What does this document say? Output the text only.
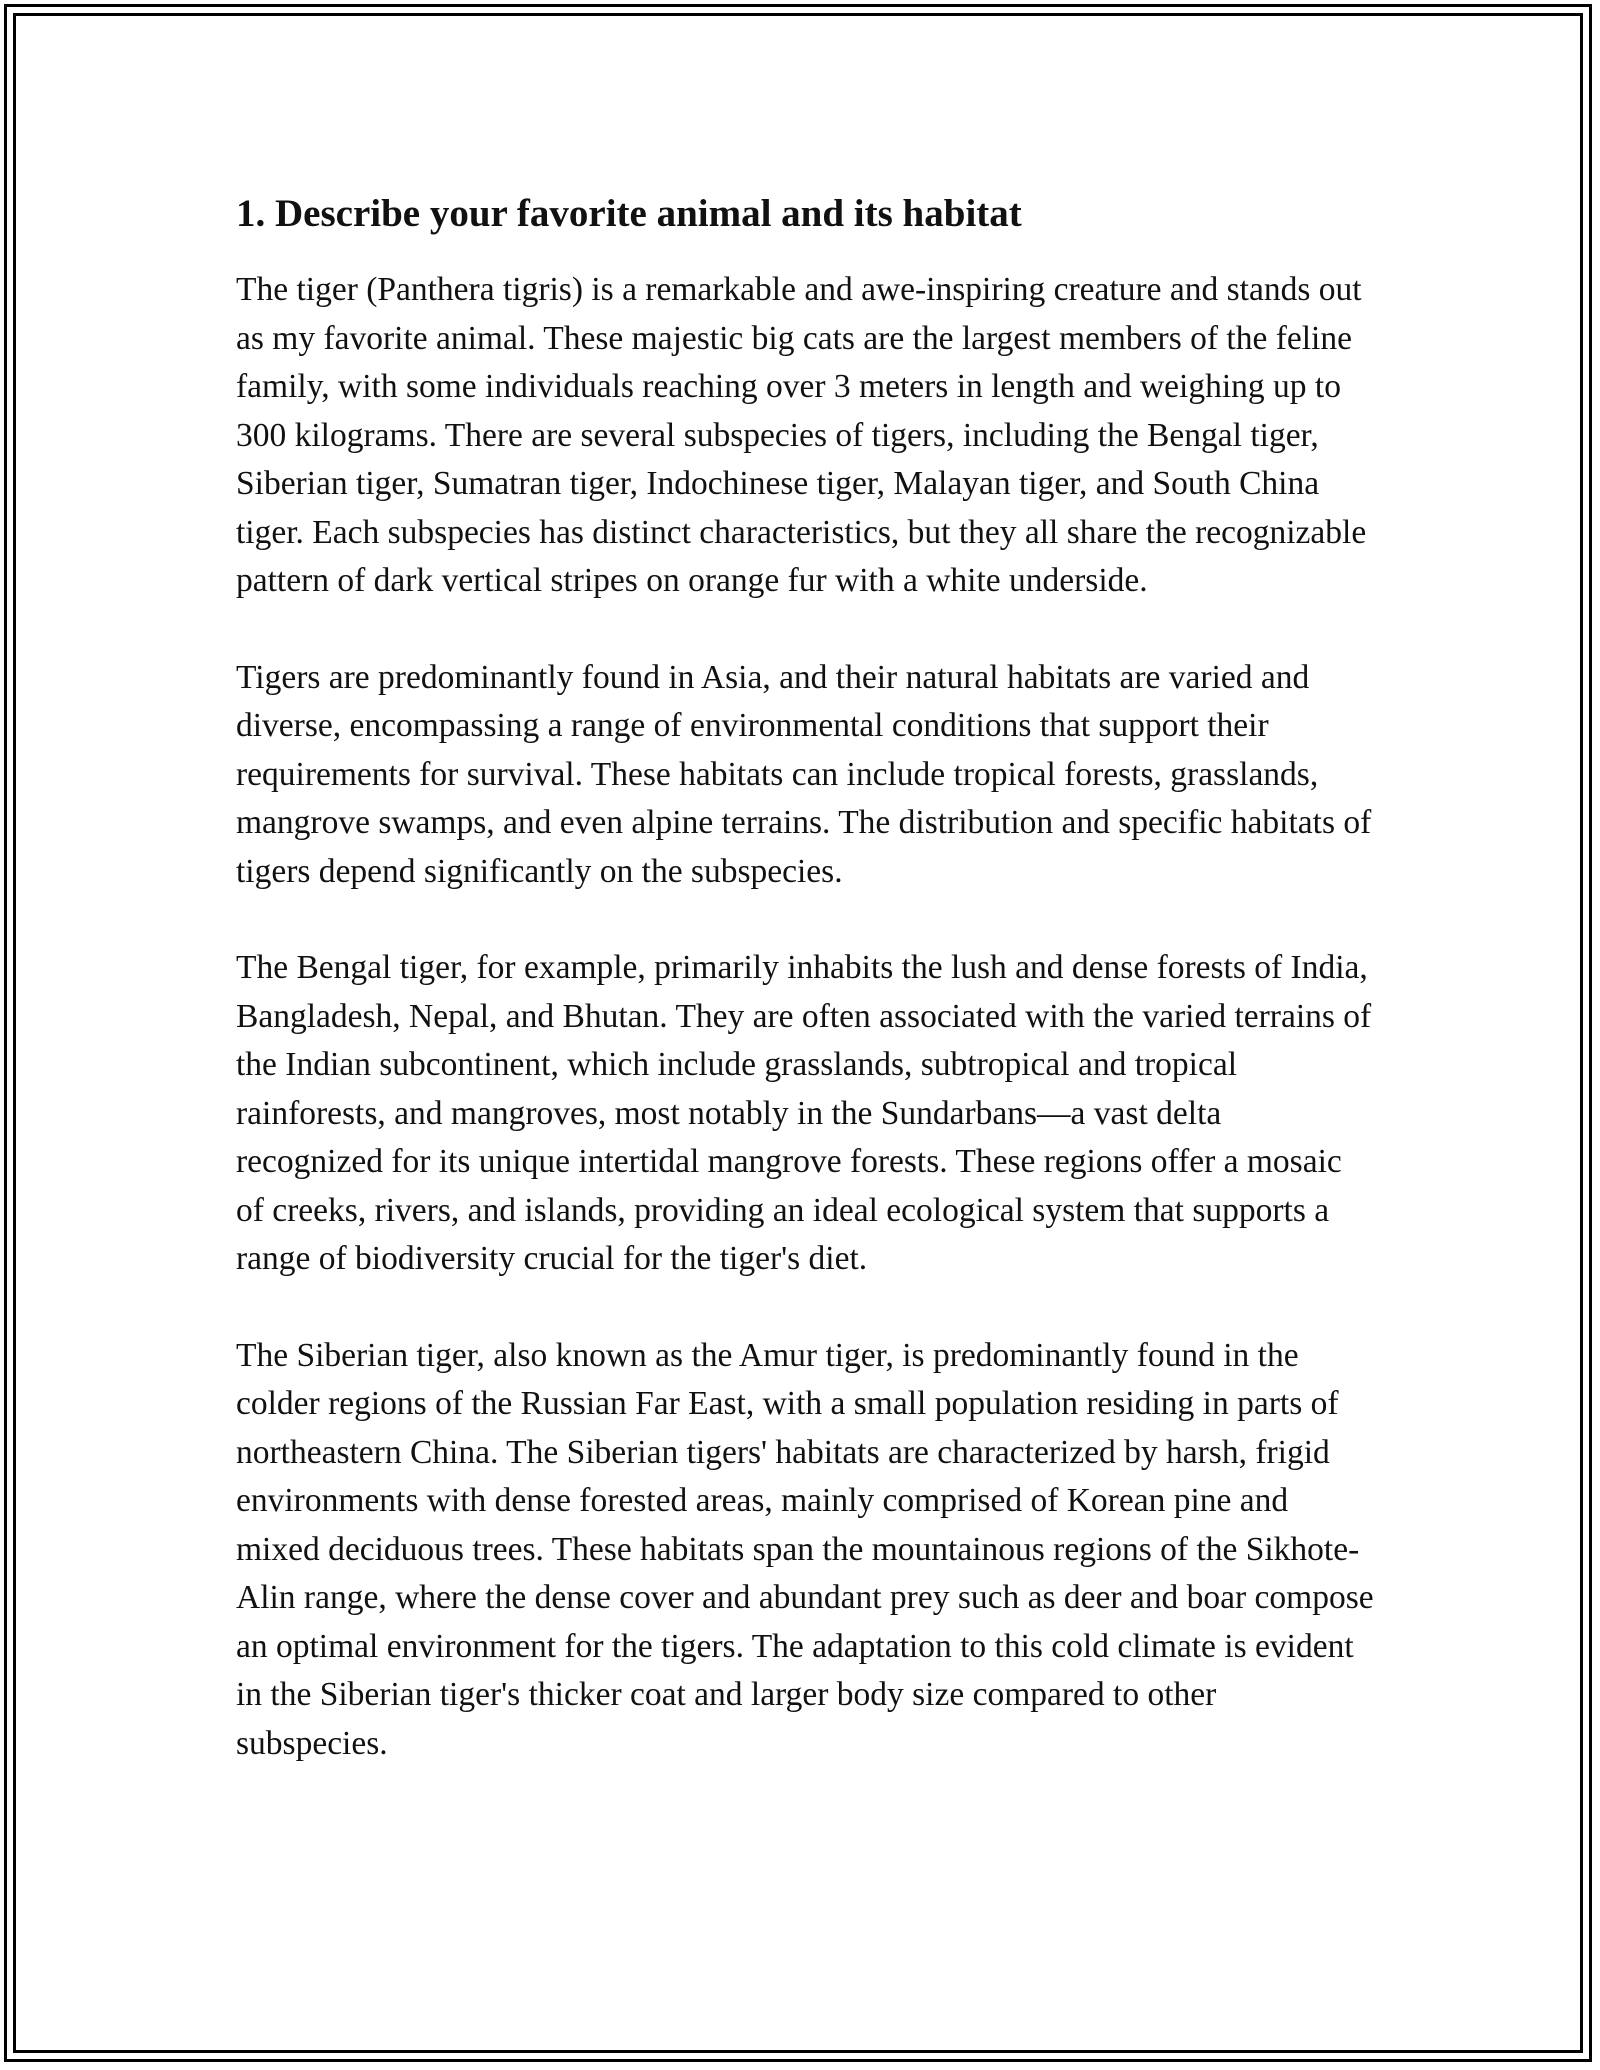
1. Describe your favorite animal and its habitat

The tiger (Panthera tigris) is a remarkable and awe-inspiring creature and stands out as my favorite animal. These majestic big cats are the largest members of the feline family, with some individuals reaching over 3 meters in length and weighing up to 300 kilograms. There are several subspecies of tigers, including the Bengal tiger, Siberian tiger, Sumatran tiger, Indochinese tiger, Malayan tiger, and South China tiger. Each subspecies has distinct characteristics, but they all share the recognizable pattern of dark vertical stripes on orange fur with a white underside.

Tigers are predominantly found in Asia, and their natural habitats are varied and diverse, encompassing a range of environmental conditions that support their requirements for survival. These habitats can include tropical forests, grasslands, mangrove swamps, and even alpine terrains. The distribution and specific habitats of tigers depend significantly on the subspecies.

The Bengal tiger, for example, primarily inhabits the lush and dense forests of India, Bangladesh, Nepal, and Bhutan. They are often associated with the varied terrains of the Indian subcontinent, which include grasslands, subtropical and tropical rainforests, and mangroves, most notably in the Sundarbans—a vast delta recognized for its unique intertidal mangrove forests. These regions offer a mosaic of creeks, rivers, and islands, providing an ideal ecological system that supports a range of biodiversity crucial for the tiger's diet.

The Siberian tiger, also known as the Amur tiger, is predominantly found in the colder regions of the Russian Far East, with a small population residing in parts of northeastern China. The Siberian tigers' habitats are characterized by harsh, frigid environments with dense forested areas, mainly comprised of Korean pine and mixed deciduous trees. These habitats span the mountainous regions of the Sikhote-Alin range, where the dense cover and abundant prey such as deer and boar compose an optimal environment for the tigers. The adaptation to this cold climate is evident in the Siberian tiger's thicker coat and larger body size compared to other subspecies.
